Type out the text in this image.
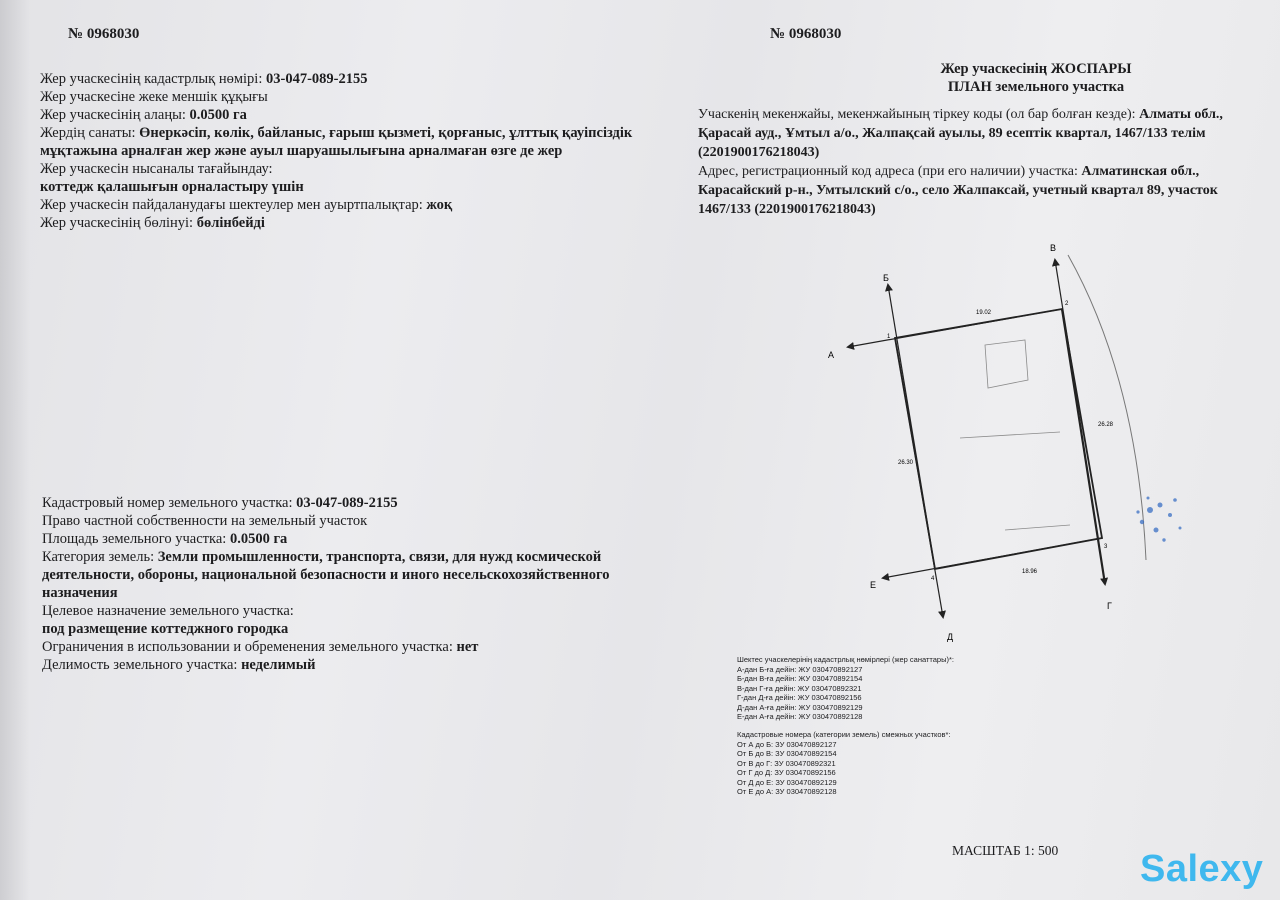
№ 0968030
Жер учаскесінің кадастрлық нөмірі: 03-047-089-2155
Жер учаскесіне жеке меншік құқығы
Жер учаскесінің алаңы: 0.0500 га
Жердің санаты: Өнеркәсіп, көлік, байланыс, ғарыш қызметі, қорғаныс, ұлттық қауіпсіздік мұқтажына арналған жер және ауыл шаруашылығына арналмаған өзге де жер
Жер учаскесін нысаналы тағайындау:
коттедж қалашығын орналастыру үшін
Жер учаскесін пайдаланудағы шектеулер мен ауыртпалықтар: жоқ
Жер учаскесінің бөлінуі: бөлінбейді
Кадастровый номер земельного участка: 03-047-089-2155
Право частной собственности на земельный участок
Площадь земельного участка: 0.0500 га
Категория земель: Земли промышленности, транспорта, связи, для нужд космической деятельности, обороны, национальной безопасности и иного несельскохозяйственного назначения
Целевое назначение земельного участка:
под размещение коттеджного городка
Ограничения в использовании и обременения земельного участка: нет
Делимость земельного участка: неделимый
№ 0968030
Жер учаскесінің ЖОСПАРЫ
ПЛАН земельного участка
Учаскенің мекенжайы, мекенжайының тіркеу коды (ол бар болған кезде): Алматы обл., Қарасай ауд., Ұмтыл а/о., Жалпақсай ауылы, 89 есептік квартал, 1467/133 телім (2201900176218043)
Адрес, регистрационный код адреса (при его наличии) участка: Алматинская обл., Карасайский р-н., Умтылский с/о., село Жалпаксай, учетный квартал 89, участок 1467/133 (2201900176218043)
А
Б
В
Г
Д
Е
1
2
3
4
19.02
26.28
18.96
26.30
Шектес учаскелерінің кадастрлық нөмірлері (жер санаттары)*:
А-дан Б-ға дейін: ЖУ 030470892127
Б-дан В-ға дейін: ЖУ 030470892154
В-дан Г-ға дейін: ЖУ 030470892321
Г-дан Д-ға дейін: ЖУ 030470892156
Д-дан А-ға дейін: ЖУ 030470892129
Е-дан А-ға дейін: ЖУ 030470892128
Кадастровые номера (категории земель) смежных участков*:
От А до Б: ЗУ 030470892127
От Б до В: ЗУ 030470892154
От В до Г: ЗУ 030470892321
От Г до Д: ЗУ 030470892156
От Д до Е: ЗУ 030470892129
От Е до А: ЗУ 030470892128
МАСШТАБ 1: 500 Salexy
